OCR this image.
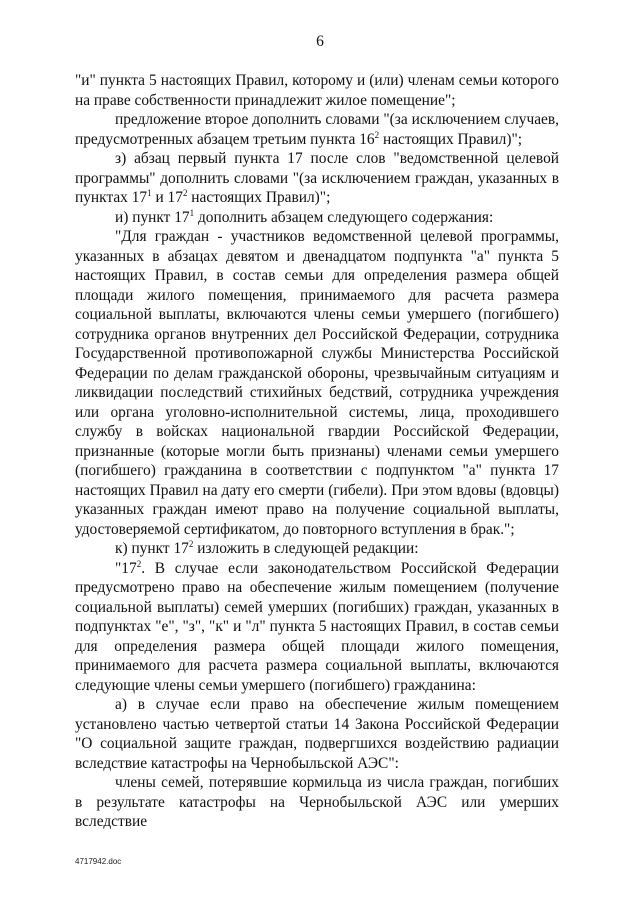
6

"и" пункта 5 настоящих Правил, которому и (или) членам семьи которого на праве собственности принадлежит жилое помещение";

предложение второе дополнить словами "(за исключением случаев, предусмотренных абзацем третьим пункта $16^2$ настоящих Правил)";

з) абзац первый пункта 17 после слов "ведомственной целевой программы" дополнить словами "(за исключением граждан, указанных в пунктах $17^1$ и $17^2$ настоящих Правил)";

и) пункт $17^1$ дополнить абзацем следующего содержания:

"Для граждан - участников ведомственной целевой программы, указанных в абзацах девятом и двенадцатом подпункта "а" пункта 5 настоящих Правил, в состав семьи для определения размера общей площади жилого помещения, принимаемого для расчета размера социальной выплаты, включаются члены семьи умершего (погибшего) сотрудника органов внутренних дел Российской Федерации, сотрудника Государственной противопожарной службы Министерства Российской Федерации по делам гражданской обороны, чрезвычайным ситуациям и ликвидации последствий стихийных бедствий, сотрудника учреждения или органа уголовно-исполнительной системы, лица, проходившего службу в войсках национальной гвардии Российской Федерации, признанные (которые могли быть признаны) членами семьи умершего (погибшего) гражданина в соответствии с подпунктом "а" пункта 17 настоящих Правил на дату его смерти (гибели). При этом вдовы (вдовцы) указанных граждан имеют право на получение социальной выплаты, удостоверяемой сертификатом, до повторного вступления в брак.";

к) пункт $17^2$ изложить в следующей редакции:

"$17^2$. В случае если законодательством Российской Федерации предусмотрено право на обеспечение жилым помещением (получение социальной выплаты) семей умерших (погибших) граждан, указанных в подпунктах "е", "з", "к" и "л" пункта 5 настоящих Правил, в состав семьи для определения размера общей площади жилого помещения, принимаемого для расчета размера социальной выплаты, включаются следующие члены семьи умершего (погибшего) гражданина:

а) в случае если право на обеспечение жилым помещением установлено частью четвертой статьи 14 Закона Российской Федерации "О социальной защите граждан, подвергшихся воздействию радиации вследствие катастрофы на Чернобыльской АЭС":

члены семей, потерявшие кормильца из числа граждан, погибших в результате катастрофы на Чернобыльской АЭС или умерших вследствие

4717942.doc
